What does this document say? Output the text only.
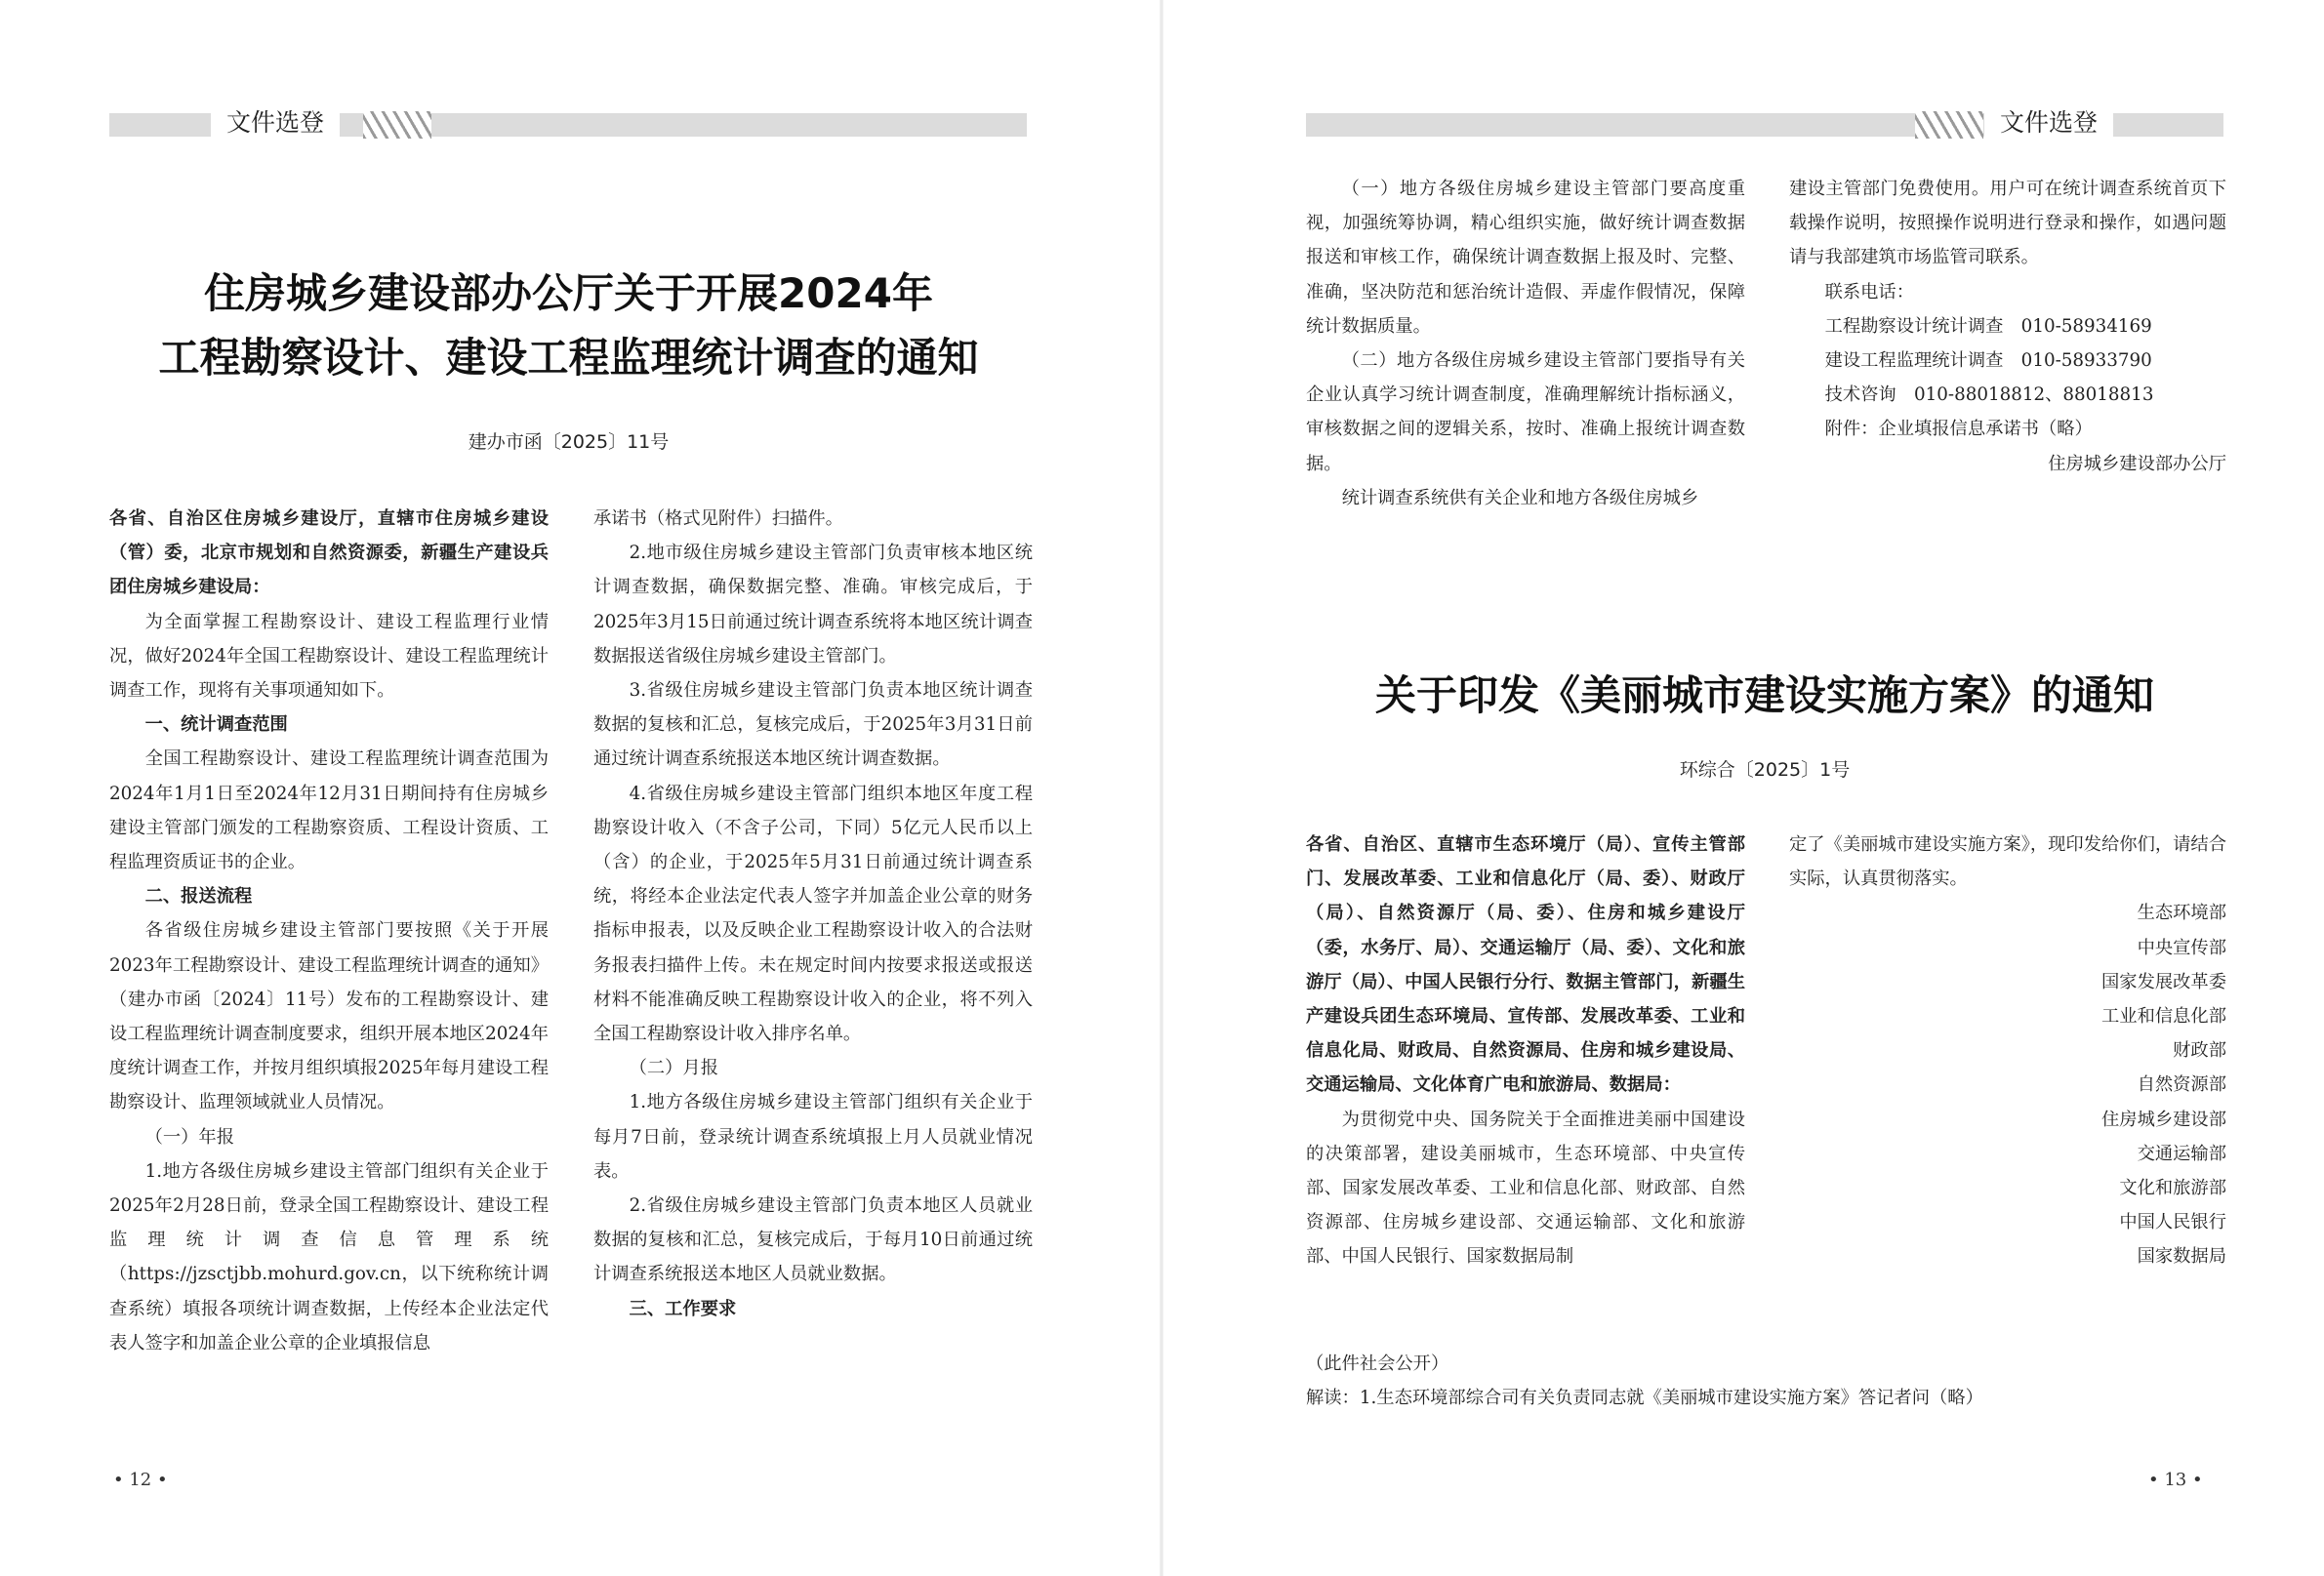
文件选登
住房城乡建设部办公厅关于开展2024年
工程勘察设计、建设工程监理统计调查的通知
建办市函〔2025〕11号

各省、自治区住房城乡建设厅，直辖市住房城乡建设（管）委，北京市规划和自然资源委，新疆生产建设兵团住房城乡建设局：

为全面掌握工程勘察设计、建设工程监理行业情况，做好2024年全国工程勘察设计、建设工程监理统计调查工作，现将有关事项通知如下。

一、统计调查范围

全国工程勘察设计、建设工程监理统计调查范围为2024年1月1日至2024年12月31日期间持有住房城乡建设主管部门颁发的工程勘察资质、工程设计资质、工程监理资质证书的企业。

二、报送流程

各省级住房城乡建设主管部门要按照《关于开展2023年工程勘察设计、建设工程监理统计调查的通知》（建办市函〔2024〕11号）发布的工程勘察设计、建设工程监理统计调查制度要求，组织开展本地区2024年度统计调查工作，并按月组织填报2025年每月建设工程勘察设计、监理领域就业人员情况。

（一）年报

1.地方各级住房城乡建设主管部门组织有关企业于2025年2月28日前，登录全国工程勘察设计、建设工程监理统计调查信息管理系统（https://jzsctjbb.mohurd.gov.cn，以下统称统计调查系统）填报各项统计调查数据，上传经本企业法定代表人签字和加盖企业公章的企业填报信息

承诺书（格式见附件）扫描件。

2.地市级住房城乡建设主管部门负责审核本地区统计调查数据，确保数据完整、准确。审核完成后，于2025年3月15日前通过统计调查系统将本地区统计调查数据报送省级住房城乡建设主管部门。

3.省级住房城乡建设主管部门负责本地区统计调查数据的复核和汇总，复核完成后，于2025年3月31日前通过统计调查系统报送本地区统计调查数据。

4.省级住房城乡建设主管部门组织本地区年度工程勘察设计收入（不含子公司，下同）5亿元人民币以上（含）的企业，于2025年5月31日前通过统计调查系统，将经本企业法定代表人签字并加盖企业公章的财务指标申报表，以及反映企业工程勘察设计收入的合法财务报表扫描件上传。未在规定时间内按要求报送或报送材料不能准确反映工程勘察设计收入的企业，将不列入全国工程勘察设计收入排序名单。

（二）月报

1.地方各级住房城乡建设主管部门组织有关企业于每月7日前，登录统计调查系统填报上月人员就业情况表。

2.省级住房城乡建设主管部门负责本地区人员就业数据的复核和汇总，复核完成后，于每月10日前通过统计调查系统报送本地区人员就业数据。

三、工作要求

• 12 •
文件选登

（一）地方各级住房城乡建设主管部门要高度重视，加强统筹协调，精心组织实施，做好统计调查数据报送和审核工作，确保统计调查数据上报及时、完整、准确，坚决防范和惩治统计造假、弄虚作假情况，保障统计数据质量。

（二）地方各级住房城乡建设主管部门要指导有关企业认真学习统计调查制度，准确理解统计指标涵义，审核数据之间的逻辑关系，按时、准确上报统计调查数据。

统计调查系统供有关企业和地方各级住房城乡

建设主管部门免费使用。用户可在统计调查系统首页下载操作说明，按照操作说明进行登录和操作，如遇问题请与我部建筑市场监管司联系。

联系电话：

工程勘察设计统计调查　010-58934169

建设工程监理统计调查　010-58933790

技术咨询　010-88018812、88018813

附件：企业填报信息承诺书（略）

住房城乡建设部办公厅

关于印发《美丽城市建设实施方案》的通知
环综合〔2025〕1号

各省、自治区、直辖市生态环境厅（局）、宣传主管部门、发展改革委、工业和信息化厅（局、委）、财政厅（局）、自然资源厅（局、委）、住房和城乡建设厅（委，水务厅、局）、交通运输厅（局、委）、文化和旅游厅（局）、中国人民银行分行、数据主管部门，新疆生产建设兵团生态环境局、宣传部、发展改革委、工业和信息化局、财政局、自然资源局、住房和城乡建设局、交通运输局、文化体育广电和旅游局、数据局：

为贯彻党中央、国务院关于全面推进美丽中国建设的决策部署，建设美丽城市，生态环境部、中央宣传部、国家发展改革委、工业和信息化部、财政部、自然资源部、住房城乡建设部、交通运输部、文化和旅游部、中国人民银行、国家数据局制

定了《美丽城市建设实施方案》，现印发给你们，请结合实际，认真贯彻落实。

生态环境部

中央宣传部

国家发展改革委

工业和信息化部

财政部

自然资源部

住房城乡建设部

交通运输部

文化和旅游部

中国人民银行

国家数据局

（此件社会公开）

解读：1.生态环境部综合司有关负责同志就《美丽城市建设实施方案》答记者问（略）

• 13 •
